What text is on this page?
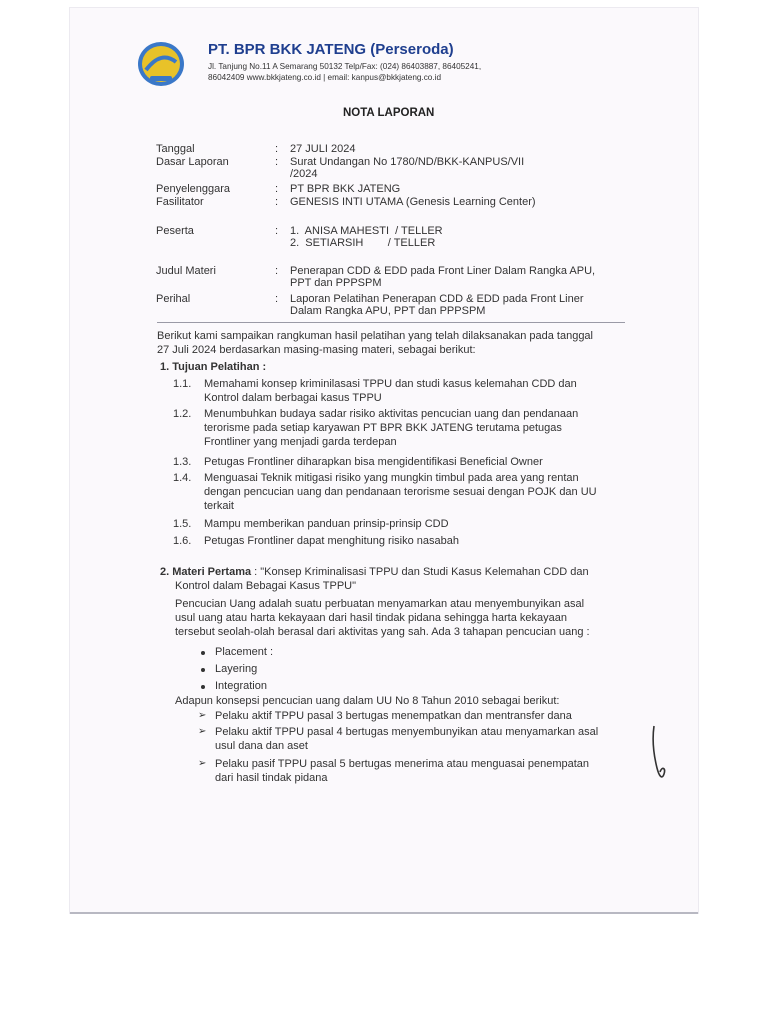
PT. BPR BKK JATENG (Perseroda)
Jl. Tanjung No.11 A Semarang 50132 Telp/Fax: (024) 86403887, 86405241,
86042409 www.bkkjateng.co.id | email: kanpus@bkkjateng.co.id
NOTA LAPORAN
Tanggal	: 27 JULI 2024
Dasar Laporan	: Surat Undangan No 1780/ND/BKK-KANPUS/VII
/2024
Penyelenggara	: PT BPR BKK JATENG
Fasilitator	: GENESIS INTI UTAMA (Genesis Learning Center)
Peserta	: 1.  ANISA MAHESTI  / TELLER
2.  SETIARSIH        / TELLER
Judul Materi	: Penerapan CDD & EDD pada Front Liner Dalam Rangka APU,
PPT dan PPPSPM
Perihal	: Laporan Pelatihan Penerapan CDD & EDD pada Front Liner
Dalam Rangka APU, PPT dan PPPSPM
Berikut kami sampaikan rangkuman hasil pelatihan yang telah dilaksanakan pada tanggal
27 Juli 2024 berdasarkan masing-masing materi, sebagai berikut:
1. Tujuan Pelatihan :
1.1. Memahami konsep kriminilasasi TPPU dan studi kasus kelemahan CDD dan
Kontrol dalam berbagai kasus TPPU
1.2. Menumbuhkan budaya sadar risiko aktivitas pencucian uang dan pendanaan
terorisme pada setiap karyawan PT BPR BKK JATENG terutama petugas
Frontliner yang menjadi garda terdepan
1.3. Petugas Frontliner diharapkan bisa mengidentifikasi Beneficial Owner
1.4. Menguasai Teknik mitigasi risiko yang mungkin timbul pada area yang rentan
dengan pencucian uang dan pendanaan terorisme sesuai dengan POJK dan UU
terkait
1.5. Mampu memberikan panduan prinsip-prinsip CDD
1.6. Petugas Frontliner dapat menghitung risiko nasabah
2. Materi Pertama : "Konsep Kriminalisasi TPPU dan Studi Kasus Kelemahan CDD dan
Kontrol dalam Bebagai Kasus TPPU"
Pencucian Uang adalah suatu perbuatan menyamarkan atau menyembunyikan asal
usul uang atau harta kekayaan dari hasil tindak pidana sehingga harta kekayaan
tersebut seolah-olah berasal dari aktivitas yang sah. Ada 3 tahapan pencucian uang :
Placement :
Layering
Integration
Adapun konsepsi pencucian uang dalam UU No 8 Tahun 2010 sebagai berikut:
➢ Pelaku aktif TPPU pasal 3 bertugas menempatkan dan mentransfer dana
➢ Pelaku aktif TPPU pasal 4 bertugas menyembunyikan atau menyamarkan asal
usul dana dan aset
➢ Pelaku pasif TPPU pasal 5 bertugas menerima atau menguasai penempatan
dari hasil tindak pidana
